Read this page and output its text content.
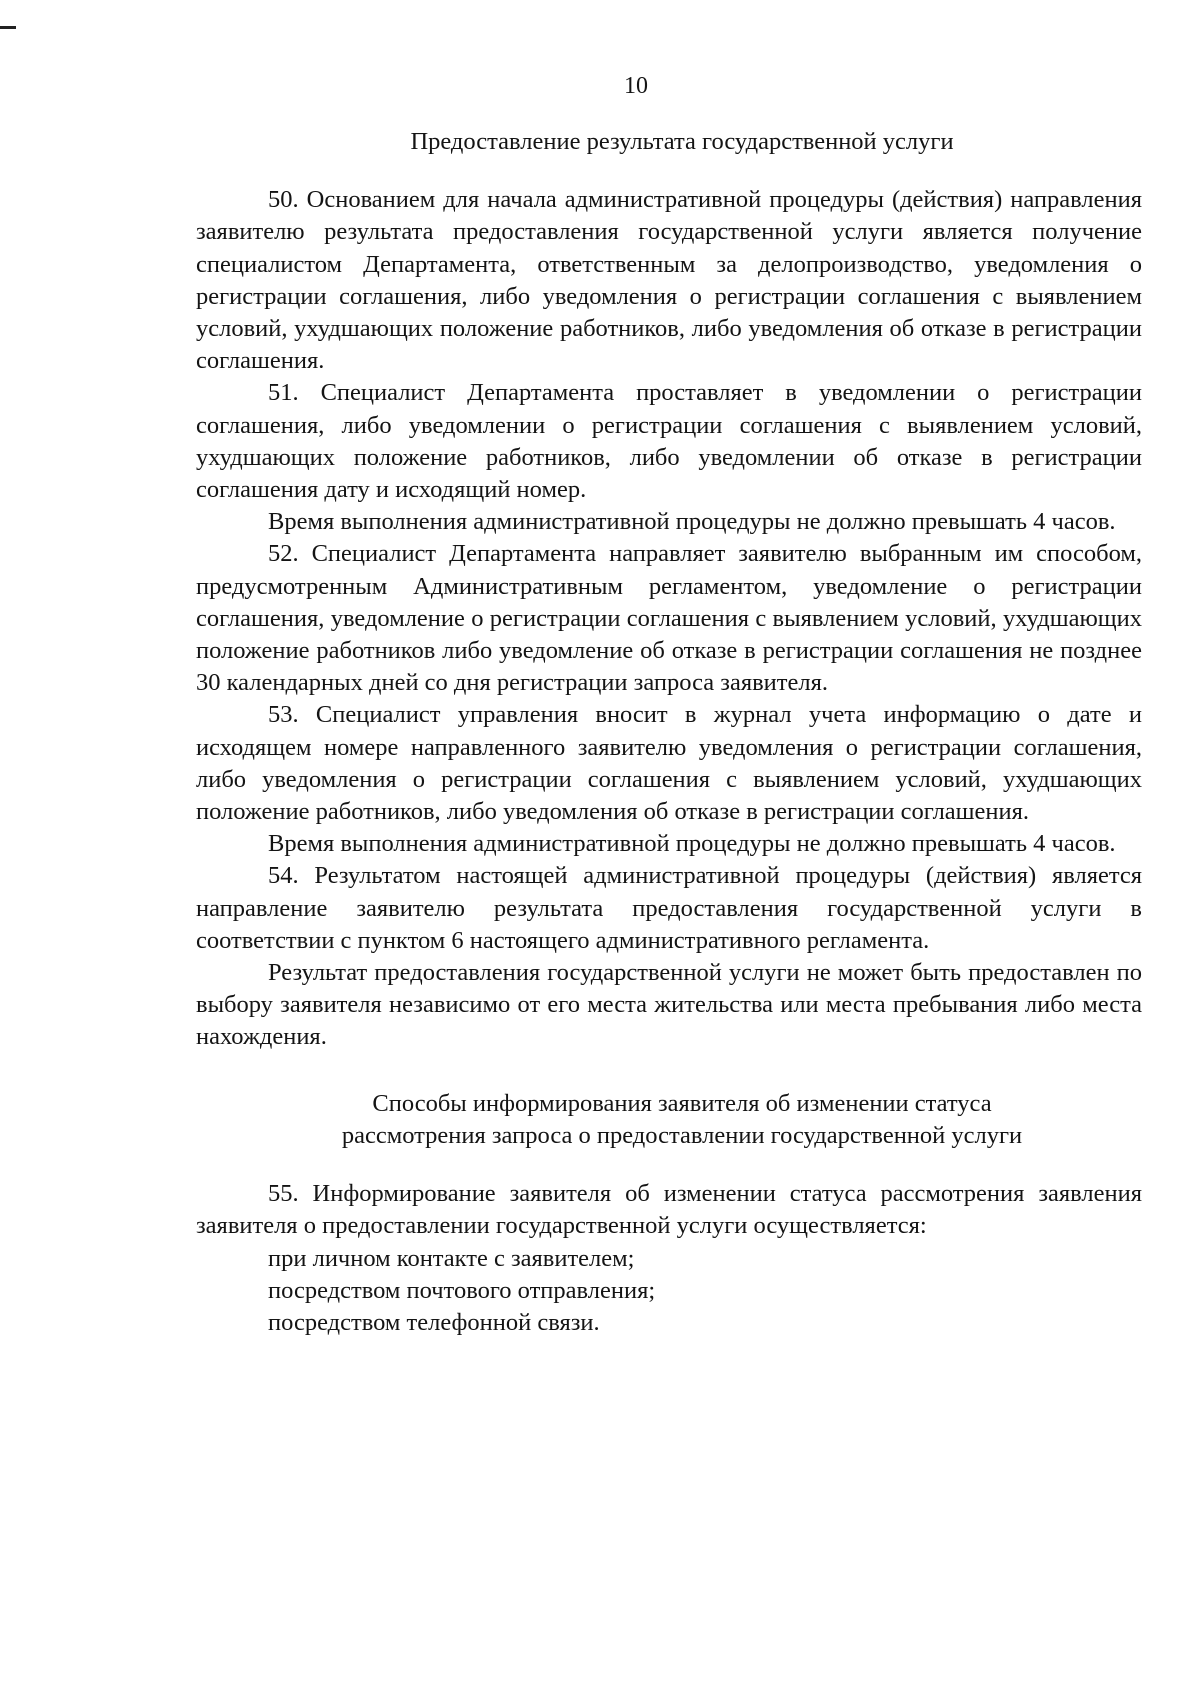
10
Предоставление результата государственной услуги

50. Основанием для начала административной процедуры (действия) направления заявителю результата предоставления государственной услуги является получение специалистом Департамента, ответственным за делопроизводство, уведомления о регистрации соглашения, либо уведомления о регистрации соглашения с выявлением условий, ухудшающих положение работников, либо уведомления об отказе в регистрации соглашения.

51. Специалист Департамента проставляет в уведомлении о регистрации соглашения, либо уведомлении о регистрации соглашения с выявлением условий, ухудшающих положение работников, либо уведомлении об отказе в регистрации соглашения дату и исходящий номер.

Время выполнения административной процедуры не должно превышать 4 часов.

52. Специалист Департамента направляет заявителю выбранным им способом, предусмотренным Административным регламентом, уведомление о регистрации соглашения, уведомление о регистрации соглашения с выявлением условий, ухудшающих положение работников либо уведомление об отказе в регистрации соглашения не позднее 30 календарных дней со дня регистрации запроса заявителя.

53. Специалист управления вносит в журнал учета информацию о дате и исходящем номере направленного заявителю уведомления о регистрации соглашения, либо уведомления о регистрации соглашения с выявлением условий, ухудшающих положение работников, либо уведомления об отказе в регистрации соглашения.

Время выполнения административной процедуры не должно превышать 4 часов.

54. Результатом настоящей административной процедуры (действия) является направление заявителю результата предоставления государственной услуги в соответствии с пунктом 6 настоящего административного регламента.

Результат предоставления государственной услуги не может быть предоставлен по выбору заявителя независимо от его места жительства или места пребывания либо места нахождения.

Способы информирования заявителя об изменении статуса
рассмотрения запроса о предоставлении государственной услуги

55. Информирование заявителя об изменении статуса рассмотрения заявления заявителя о предоставлении государственной услуги осуществляется:

при личном контакте с заявителем;

посредством почтового отправления;

посредством телефонной связи.
